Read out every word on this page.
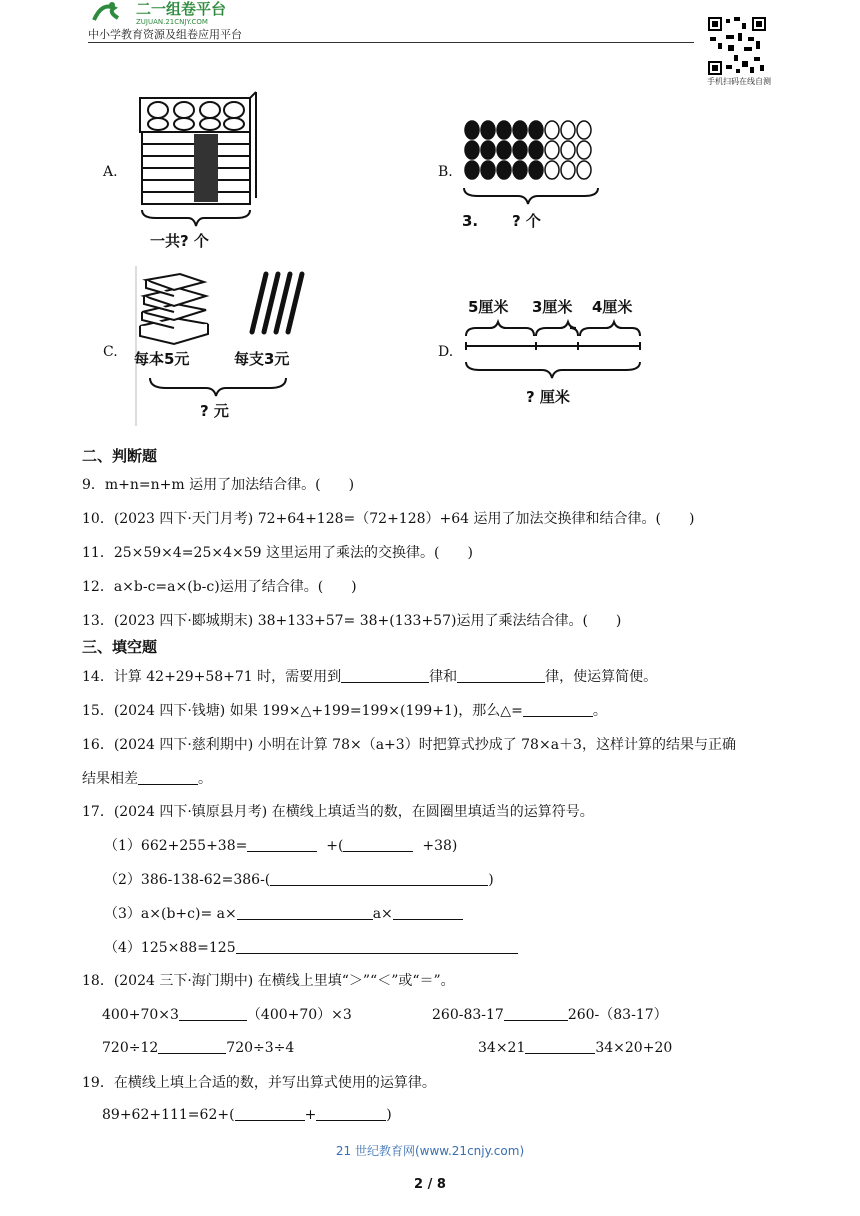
二一组卷平台
ZUJUAN.21CNJY.COM
中小学教育资源及组卷应用平台
手机扫码在线自测
A.
一共? 个
B.
3. ? 个
C. 每本5元	每支3元
? 元
D.
5厘米 3厘米 4厘米
? 厘米
二、判断题
9．m+n=n+m 运用了加法结合律。(　　)
10．(2023 四下·天门月考) 72+64+128=（72+128）+64 运用了加法交换律和结合律。(　　)
11．25×59×4=25×4×59 这里运用了乘法的交换律。(　　)
12．a×b-c=a×(b-c)运用了结合律。(　　)
13．(2023 四下·郾城期末) 38+133+57= 38+(133+57)运用了乘法结合律。(　　)
三、填空题
14．计算 42+29+58+71 时，需要用到	律和	律，使运算简便。
15．(2024 四下·钱塘) 如果 199×△+199=199×(199+1)，那么△=	。
16．(2024 四下·慈利期中) 小明在计算 78×（a+3）时把算式抄成了 78×a＋3，这样计算的结果与正确
结果相差	。
17．(2024 四下·镇原县月考) 在横线上填适当的数，在圆圈里填适当的运算符号。
（1）662+255+38=	+(	+38)
（2）386-138-62=386-(	)
（3）a×(b+c)= a×	a×
（4）125×88=125
18．(2024 三下·海门期中) 在横线上里填“＞”“＜”或“＝”。
400+70×3	（400+70）×3	260-83-17	260-（83-17）
720÷12	720÷3÷4	34×21	34×20+20
19．在横线上填上合适的数，并写出算式使用的运算律。
89+62+111=62+(	+	)
21 世纪教育网(www.21cnjy.com)
2 / 8
